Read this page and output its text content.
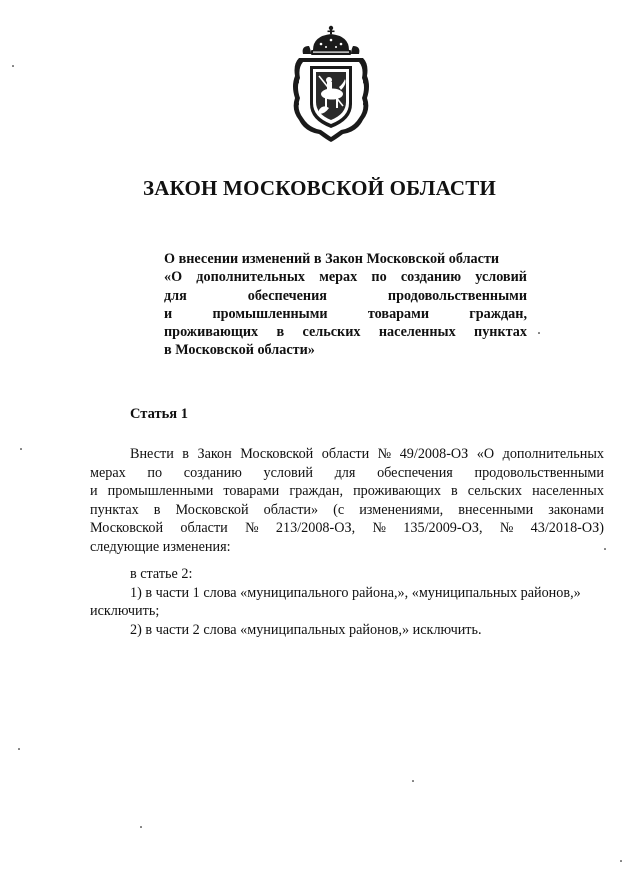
ЗАКОН МОСКОВСКОЙ ОБЛАСТИ
О внесении изменений в Закон Московской области
«О дополнительных мерах по созданию условий
для	обеспечения	продовольственными
и	промышленными	товарами	граждан,
проживающих в сельских населенных пунктах
в Московской области»
Статья 1
Внести в Закон Московской области № 49/2008-ОЗ «О дополнительных
мерах по созданию условий для обеспечения продовольственными
и промышленными товарами граждан, проживающих в сельских населенных
пунктах в Московской области» (с изменениями, внесенными законами
Московской области № 213/2008-ОЗ, № 135/2009-ОЗ, № 43/2018-ОЗ)
следующие изменения:
в статье 2:
1) в части 1 слова «муниципального района,», «муниципальных районов,»
исключить;
2) в части 2 слова «муниципальных районов,» исключить.
